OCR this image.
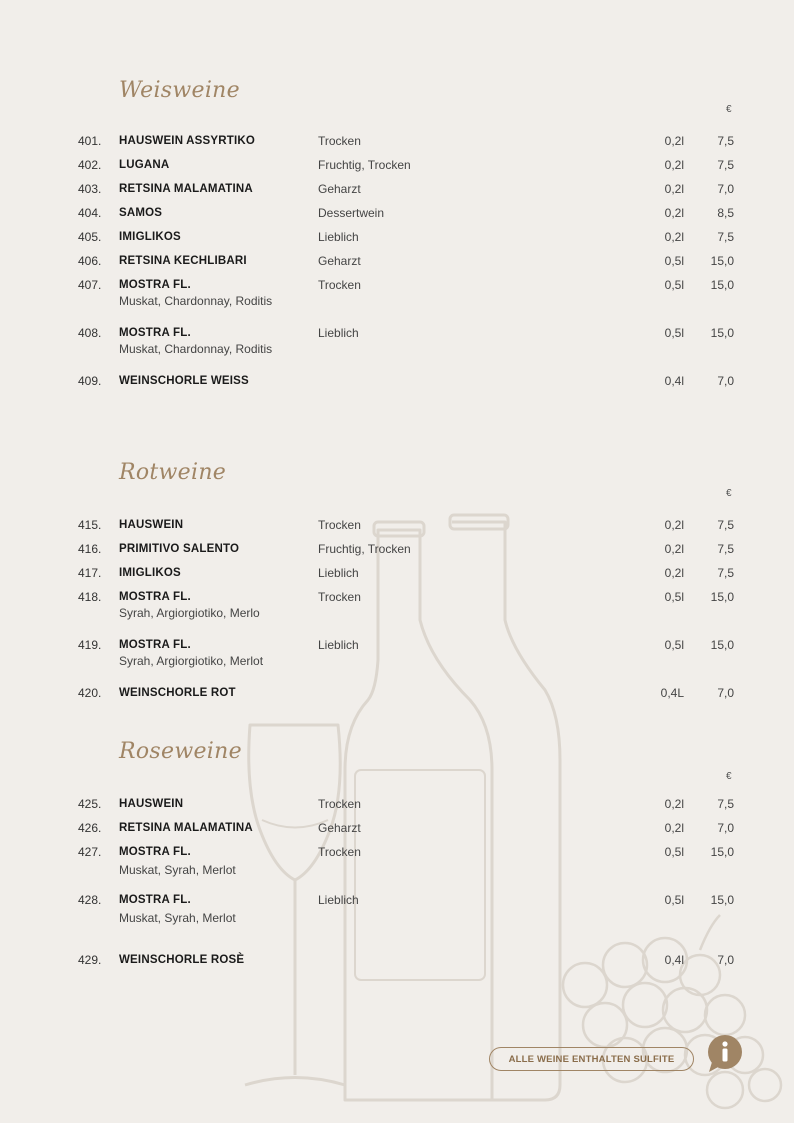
Weisweine
€
401. HAUSWEIN ASSYRTIKO	Trocken	0,2l	7,5
402. LUGANA	Fruchtig, Trocken	0,2l	7,5
403. RETSINA MALAMATINA	Geharzt	0,2l	7,0
404. SAMOS	Dessertwein	0,2l	8,5
405. IMIGLIKOS	Lieblich	0,2l	7,5
406. RETSINA KECHLIBARI	Geharzt	0,5l 15,0
407. MOSTRA FL.	Trocken	0,5l 15,0
Muskat, Chardonnay, Roditis
408. MOSTRA FL.	Lieblich	0,5l 15,0
Muskat, Chardonnay, Roditis
409. WEINSCHORLE WEISS	0,4l	7,0
Rotweine
€
415. HAUSWEIN	Trocken	0,2l	7,5
416. PRIMITIVO SALENTO	Fruchtig, Trocken	0,2l	7,5
417. IMIGLIKOS	Lieblich	0,2l	7,5
418. MOSTRA FL.	Trocken	0,5l 15,0
Syrah, Argiorgiotiko, Merlo
419. MOSTRA FL.	Lieblich	0,5l 15,0
Syrah, Argiorgiotiko, Merlot
420. WEINSCHORLE ROT	0,4L	7,0
Roseweine
€
425. HAUSWEIN	Trocken	0,2l	7,5
426. RETSINA MALAMATINA	Geharzt	0,2l	7,0
427. MOSTRA FL.	Trocken	0,5l 15,0
Muskat, Syrah, Merlot
428. MOSTRA FL.	Lieblich	0,5l 15,0
Muskat, Syrah, Merlot
429. WEINSCHORLE ROSÈ	0,4l	7,0
ALLE WEINE ENTHALTEN SULFITE
